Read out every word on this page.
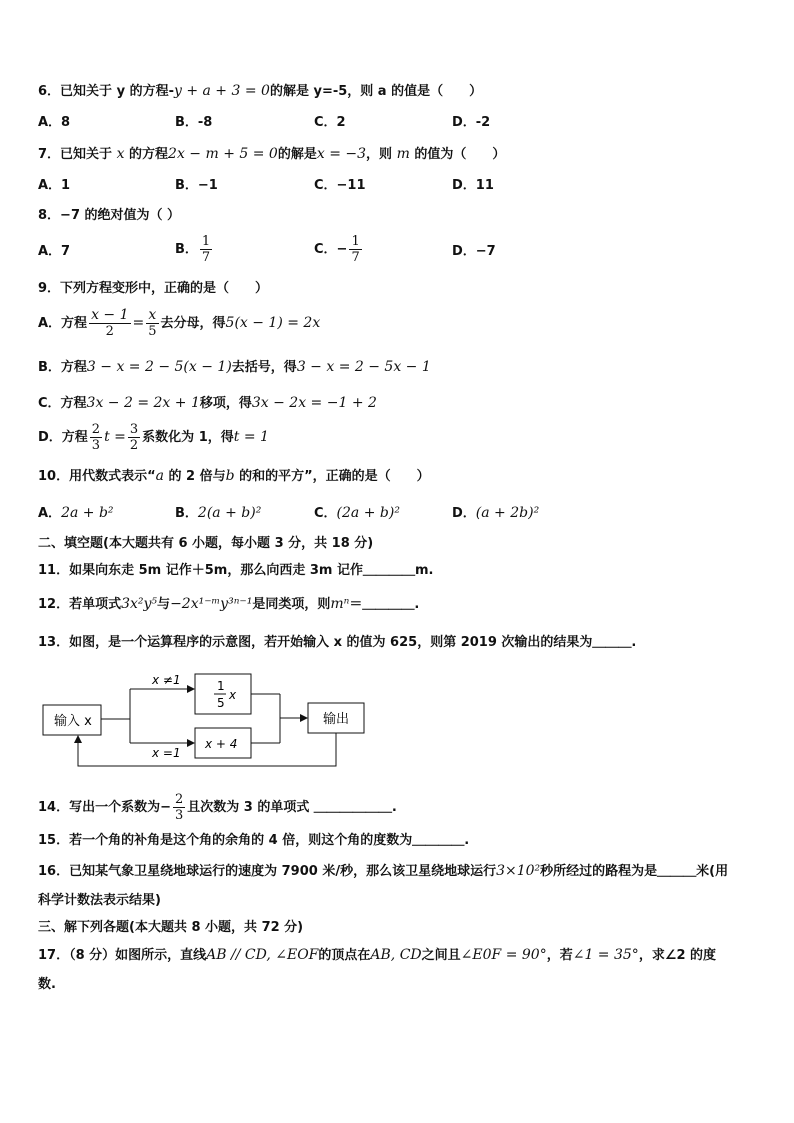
6．已知关于 y 的方程-y + a + 3 = 0的解是 y=-5，则 a 的值是（　　）
A．8	B．-8	C．2	D．-2
7．已知关于 x 的方程2x − m + 5 = 0的解是x = −3，则 m 的值为（　　）
A．1	B．−1	C．−11	D．11
8．−7 的绝对值为（ ）
A．7	B． $\frac{1}{7}$	C．− $\frac{1}{7}$	D．−7
9．下列方程变形中，正确的是（　　）
A．方程 $\frac{x - 1}{2} = \frac{x}{5}$ 去分母，得5(x − 1) = 2x
B．方程3 − x = 2 − 5(x − 1)去括号，得3 − x = 2 − 5x − 1
C．方程3x − 2 = 2x + 1移项，得3x − 2x = −1 + 2
D．方程 $\frac{2}{3}$ $t = \frac{3}{2}$ 系数化为 1，得t = 1
10．用代数式表示“a 的 2 倍与b 的和的平方”，正确的是（　　）
A．2a + b²	B．2(a + b)²	C．(2a + b)²	D．(a + 2b)²
二、填空题(本大题共有 6 小题，每小题 3 分，共 18 分)
11．如果向东走 5m 记作＋5m，那么向西走 3m 记作＿＿＿＿m.
12．若单项式3x²y⁵与−2x¹⁻ᵐy³ⁿ⁻¹是同类项，则mⁿ＝＿＿＿＿.
13．如图，是一个运算程序的示意图，若开始输入 x 的值为 625，则第 2019 次输出的结果为＿＿＿.
输入 x
x ≠1
x =1
1
5
x
x + 4
输出
14．写出一个系数为− $\frac{2}{3}$ 且次数为 3 的单项式 ＿＿＿＿＿＿.
15．若一个角的补角是这个角的余角的 4 倍，则这个角的度数为＿＿＿＿.
16．已知某气象卫星绕地球运行的速度为 7900 米/秒，那么该卫星绕地球运行3×10²秒所经过的路程为是＿＿＿米(用
科学计数法表示结果)
三、解下列各题(本大题共 8 小题，共 72 分)
17．（8 分）如图所示，直线AB // CD, ∠EOF的顶点在AB, CD之间且∠E0F = 90°，若∠1 = 35°，求∠2 的度
数.
